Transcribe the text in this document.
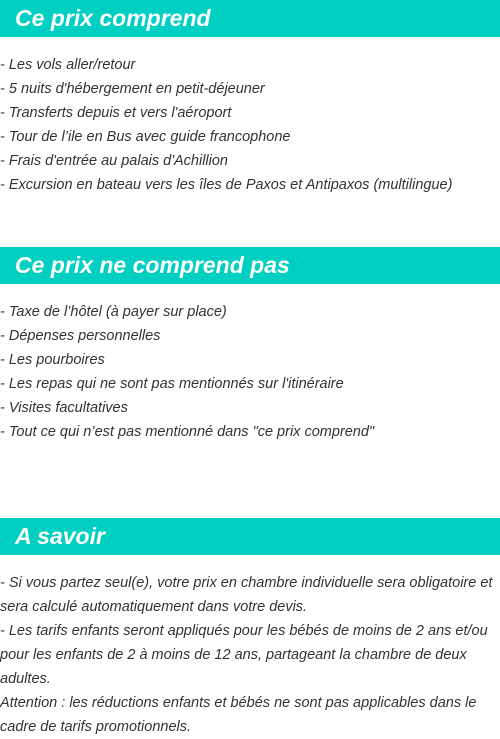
Ce prix comprend
- Les vols aller/retour
- 5 nuits d'hébergement en petit-déjeuner
- Transferts depuis et vers l'aéroport
- Tour de l’ile en Bus avec guide francophone
- Frais d'entrée au palais d'Achillion
- Excursion en bateau vers les îles de Paxos et Antipaxos (multilingue)
Ce prix ne comprend pas
- Taxe de l’hôtel (à payer sur place)
- Dépenses personnelles
- Les pourboires
- Les repas qui ne sont pas mentionnés sur l'itinéraire
- Visites facultatives
- Tout ce qui n’est pas mentionné dans "ce prix comprend"
A savoir

- Si vous partez seul(e), votre prix en chambre individuelle sera obligatoire et sera calculé automatiquement dans votre devis.

- Les tarifs enfants seront appliqués pour les bébés de moins de 2 ans et/ou pour les enfants de 2 à moins de 12 ans, partageant la chambre de deux adultes.

Attention : les réductions enfants et bébés ne sont pas applicables dans le cadre de tarifs promotionnels.
